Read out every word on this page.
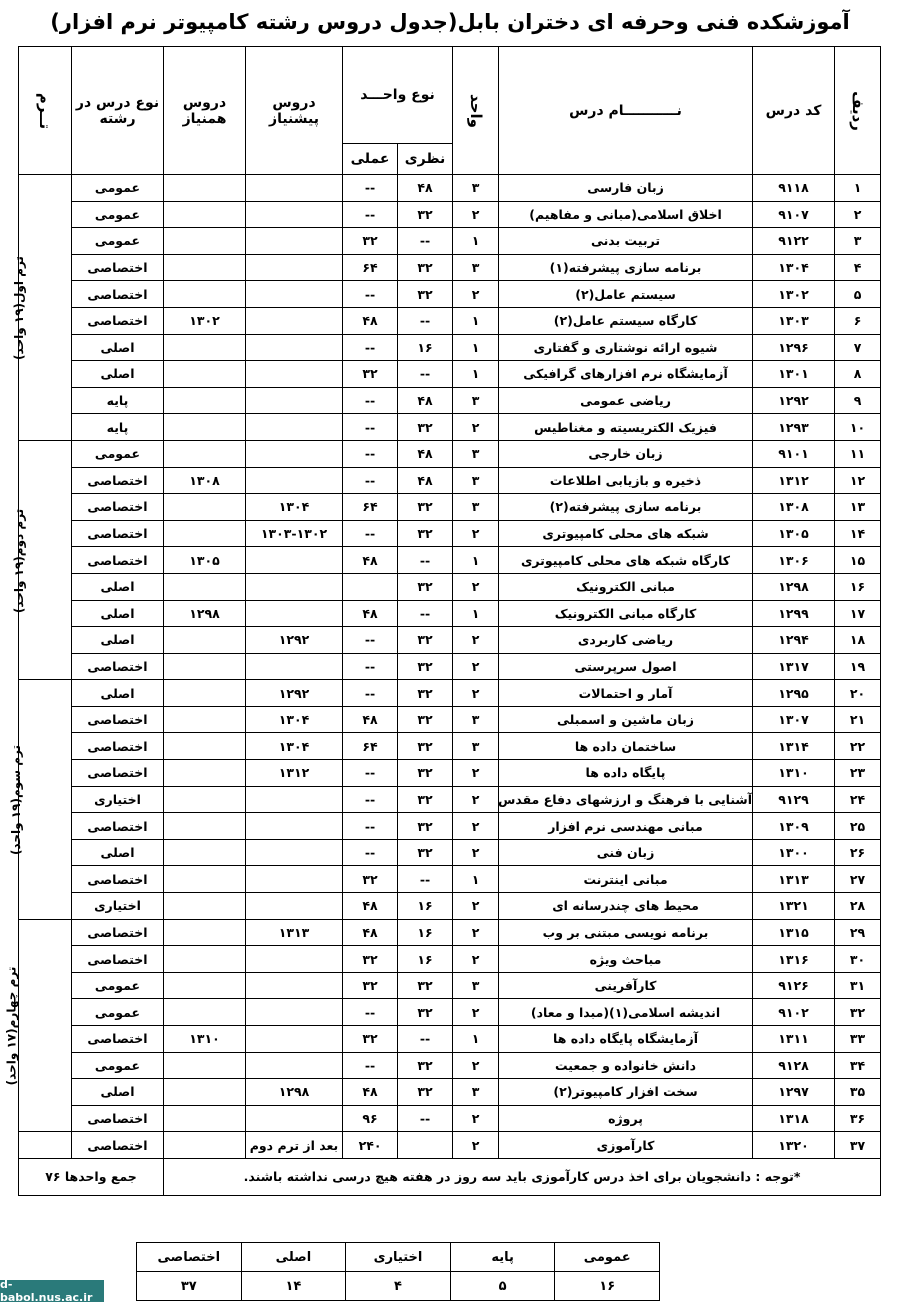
آموزشکده فنی وحرفه ای دختران بابل(جدول دروس رشته کامپیوتر نرم افزار)
ردیف	کد درس	نـــــــــــام درس	واحد	نوع واحـــد		دروس پیشنیاز	دروس همنیاز	نوع درس در رشته	تــرم
				نظری	عملی				
۱	۹۱۱۸	زبان فارسی	۳	۴۸	--			عمومی	ترم اول(۱۹ واحد)
۲	۹۱۰۷	اخلاق اسلامی(مبانی و مفاهیم)	۲	۳۲	--			عمومی	
۳	۹۱۲۲	تربیت بدنی	۱	--	۳۲			عمومی	
۴	۱۳۰۴	برنامه سازی پیشرفته(۱)	۳	۳۲	۶۴			اختصاصی	
۵	۱۳۰۲	سیستم عامل(۲)	۲	۳۲	--			اختصاصی	
۶	۱۳۰۳	کارگاه سیستم عامل(۲)	۱	--	۴۸		۱۳۰۲	اختصاصی	
۷	۱۲۹۶	شیوه ارائه نوشتاری و گفتاری	۱	۱۶	--			اصلی	
۸	۱۳۰۱	آزمایشگاه نرم افزارهای گرافیکی	۱	--	۳۲			اصلی	
۹	۱۲۹۲	ریاضی عمومی	۳	۴۸	--			پایه	
۱۰	۱۲۹۳	فیزیک الکتریسیته و مغناطیس	۲	۳۲	--			پایه	
۱۱	۹۱۰۱	زبان خارجی	۳	۴۸	--			عمومی	ترم دوم(۱۹ واحد)
۱۲	۱۳۱۲	ذخیره و بازیابی اطلاعات	۳	۴۸	--		۱۳۰۸	اختصاصی	
۱۳	۱۳۰۸	برنامه سازی پیشرفته(۲)	۳	۳۲	۶۴	۱۳۰۴		اختصاصی	
۱۴	۱۳۰۵	شبکه های محلی کامپیوتری	۲	۳۲	--	۱۳۰۳-۱۳۰۲		اختصاصی	
۱۵	۱۳۰۶	کارگاه شبکه های محلی کامپیوتری	۱	--	۴۸		۱۳۰۵	اختصاصی	
۱۶	۱۲۹۸	مبانی الکترونیک	۲	۳۲				اصلی	
۱۷	۱۲۹۹	کارگاه مبانی الکترونیک	۱	--	۴۸		۱۲۹۸	اصلی	
۱۸	۱۲۹۴	ریاضی کاربردی	۲	۳۲	--	۱۲۹۲		اصلی	
۱۹	۱۳۱۷	اصول سرپرستی	۲	۳۲	--			اختصاصی	
۲۰	۱۲۹۵	آمار و احتمالات	۲	۳۲	--	۱۲۹۲		اصلی	ترم سوم(۱۹ واحد)
۲۱	۱۳۰۷	زبان ماشین و اسمبلی	۳	۳۲	۴۸	۱۳۰۴		اختصاصی	
۲۲	۱۳۱۴	ساختمان داده ها	۳	۳۲	۶۴	۱۳۰۴		اختصاصی	
۲۳	۱۳۱۰	پایگاه داده ها	۲	۳۲	--	۱۳۱۲		اختصاصی	
۲۴	۹۱۲۹	آشنایی با فرهنگ و ارزشهای دفاع مقدس	۲	۳۲	--			اختیاری	
۲۵	۱۳۰۹	مبانی مهندسی نرم افزار	۲	۳۲	--			اختصاصی	
۲۶	۱۳۰۰	زبان فنی	۲	۳۲	--			اصلی	
۲۷	۱۳۱۳	مبانی اینترنت	۱	--	۳۲			اختصاصی	
۲۸	۱۳۲۱	محیط های چندرسانه ای	۲	۱۶	۴۸			اختیاری	
۲۹	۱۳۱۵	برنامه نویسی مبتنی بر وب	۲	۱۶	۴۸	۱۳۱۳		اختصاصی	ترم چهارم(۱۷ واحد)
۳۰	۱۳۱۶	مباحث ویژه	۲	۱۶	۳۲			اختصاصی	
۳۱	۹۱۲۶	کارآفرینی	۳	۳۲	۳۲			عمومی	
۳۲	۹۱۰۲	اندیشه اسلامی(۱)(مبدا و معاد)	۲	۳۲	--			عمومی	
۳۳	۱۳۱۱	آزمایشگاه پایگاه داده ها	۱	--	۳۲		۱۳۱۰	اختصاصی	
۳۴	۹۱۲۸	دانش خانواده و جمعیت	۲	۳۲	--			عمومی	
۳۵	۱۲۹۷	سخت افزار کامپیوتر(۲)	۳	۳۲	۴۸	۱۲۹۸		اصلی	
۳۶	۱۳۱۸	پروژه	۲	--	۹۶			اختصاصی	
۳۷	۱۳۲۰	کارآموزی	۲		۲۴۰	بعد از ترم دوم		اختصاصی	
*توجه : دانشجویان برای اخذ درس کارآموزی باید سه روز در هفته هیچ درسی نداشته باشند.								جمع واحدها ۷۶	
عمومی	پایه	اختیاری	اصلی	اختصاصی
۱۶	۵	۴	۱۴	۳۷
d-babol.nus.ac.ir
